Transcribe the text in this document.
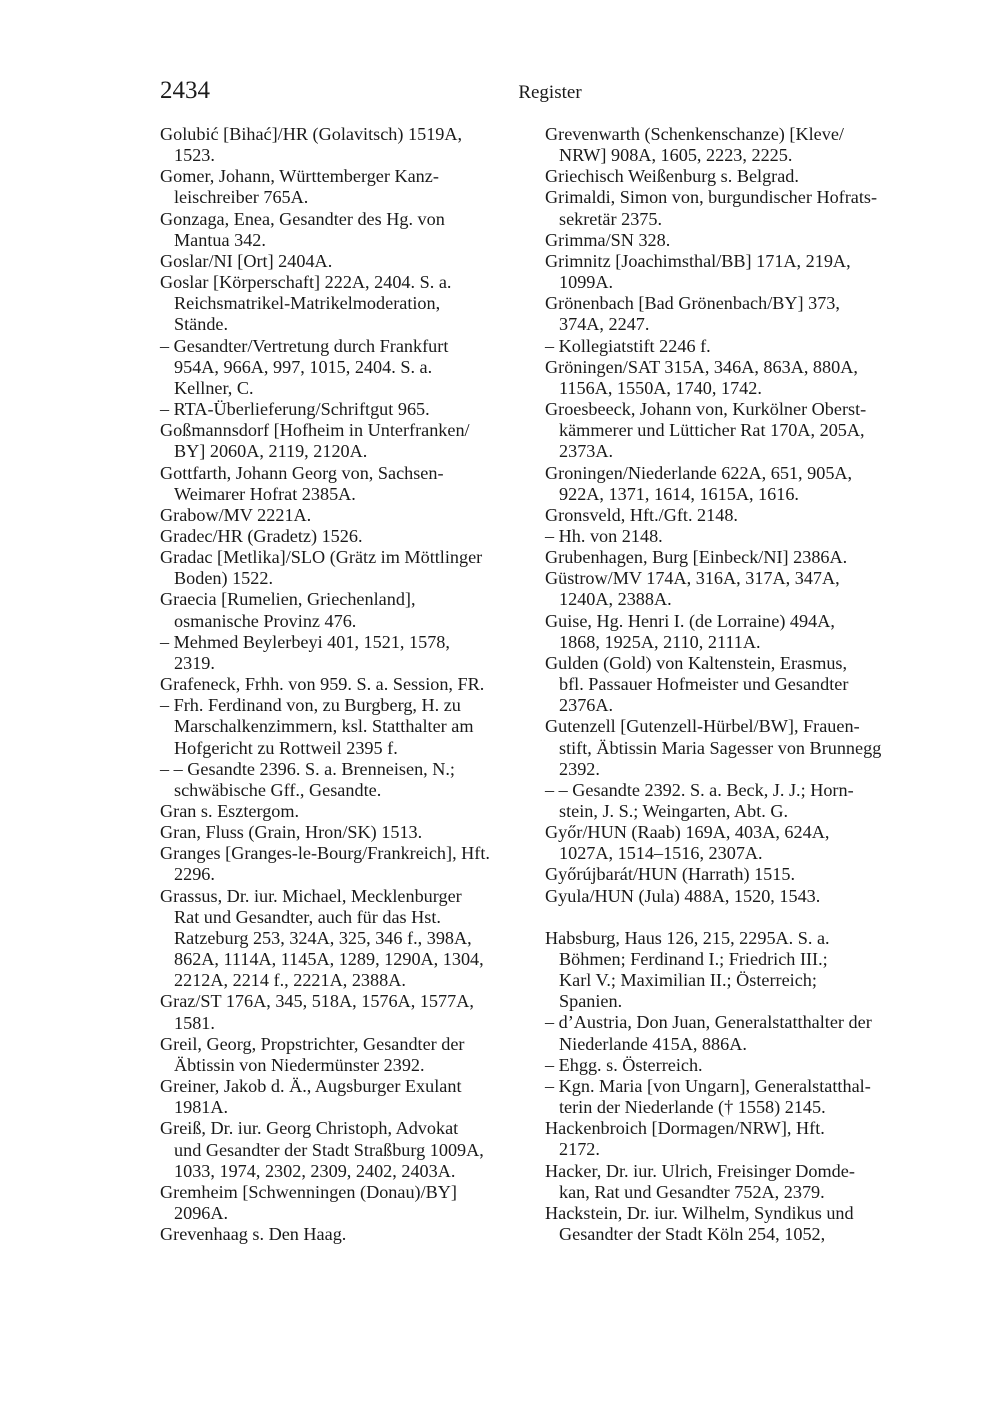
2434	Register
Golubić [Bihać]/HR (Golavitsch) 1519A,
1523.
Gomer, Johann, Württemberger Kanz-
leischreiber 765A.
Gonzaga, Enea, Gesandter des Hg. von
Mantua 342.
Goslar/NI [Ort] 2404A.
Goslar [Körperschaft] 222A, 2404. S. a.
Reichsmatrikel-Matrikelmoderation,
Stände.
– Gesandter/Vertretung durch Frankfurt
954A, 966A, 997, 1015, 2404. S. a.
Kellner, C.
– RTA-Überlieferung/Schriftgut 965.
Goßmannsdorf [Hofheim in Unterfranken/
BY] 2060A, 2119, 2120A.
Gottfarth, Johann Georg von, Sachsen-
Weimarer Hofrat 2385A.
Grabow/MV 2221A.
Gradec/HR (Gradetz) 1526.
Gradac [Metlika]/SLO (Grätz im Möttlinger
Boden) 1522.
Graecia [Rumelien, Griechenland],
osmanische Provinz 476.
– Mehmed Beylerbeyi 401, 1521, 1578,
2319.
Grafeneck, Frhh. von 959. S. a. Session, FR.
– Frh. Ferdinand von, zu Burgberg, H. zu
Marschalkenzimmern, ksl. Statthalter am
Hofgericht zu Rottweil 2395 f.
– – Gesandte 2396. S. a. Brenneisen, N.;
schwäbische Gff., Gesandte.
Gran s. Esztergom.
Gran, Fluss (Grain, Hron/SK) 1513.
Granges [Granges-le-Bourg/Frankreich], Hft.
2296.
Grassus, Dr. iur. Michael, Mecklenburger
Rat und Gesandter, auch für das Hst.
Ratzeburg 253, 324A, 325, 346 f., 398A,
862A, 1114A, 1145A, 1289, 1290A, 1304,
2212A, 2214 f., 2221A, 2388A.
Graz/ST 176A, 345, 518A, 1576A, 1577A,
1581.
Greil, Georg, Propstrichter, Gesandter der
Äbtissin von Niedermünster 2392.
Greiner, Jakob d. Ä., Augsburger Exulant
1981A.
Greiß, Dr. iur. Georg Christoph, Advokat
und Gesandter der Stadt Straßburg 1009A,
1033, 1974, 2302, 2309, 2402, 2403A.
Gremheim [Schwenningen (Donau)/BY]
2096A.
Grevenhaag s. Den Haag.
Grevenwarth (Schenkenschanze) [Kleve/
NRW] 908A, 1605, 2223, 2225.
Griechisch Weißenburg s. Belgrad.
Grimaldi, Simon von, burgundischer Hofrats-
sekretär 2375.
Grimma/SN 328.
Grimnitz [Joachimsthal/BB] 171A, 219A,
1099A.
Grönenbach [Bad Grönenbach/BY] 373,
374A, 2247.
– Kollegiatstift 2246 f.
Gröningen/SAT 315A, 346A, 863A, 880A,
1156A, 1550A, 1740, 1742.
Groesbeeck, Johann von, Kurkölner Oberst-
kämmerer und Lütticher Rat 170A, 205A,
2373A.
Groningen/Niederlande 622A, 651, 905A,
922A, 1371, 1614, 1615A, 1616.
Gronsveld, Hft./Gft. 2148.
– Hh. von 2148.
Grubenhagen, Burg [Einbeck/NI] 2386A.
Güstrow/MV 174A, 316A, 317A, 347A,
1240A, 2388A.
Guise, Hg. Henri I. (de Lorraine) 494A,
1868, 1925A, 2110, 2111A.
Gulden (Gold) von Kaltenstein, Erasmus,
bfl. Passauer Hofmeister und Gesandter
2376A.
Gutenzell [Gutenzell-Hürbel/BW], Frauen-
stift, Äbtissin Maria Sagesser von Brunnegg
2392.
– – Gesandte 2392. S. a. Beck, J. J.; Horn-
stein, J. S.; Weingarten, Abt. G.
Győr/HUN (Raab) 169A, 403A, 624A,
1027A, 1514–1516, 2307A.
Győrújbarát/HUN (Harrath) 1515.
Gyula/HUN (Jula) 488A, 1520, 1543.
Habsburg, Haus 126, 215, 2295A. S. a.
Böhmen; Ferdinand I.; Friedrich III.;
Karl V.; Maximilian II.; Österreich;
Spanien.
– d’Austria, Don Juan, Generalstatthalter der
Niederlande 415A, 886A.
– Ehgg. s. Österreich.
– Kgn. Maria [von Ungarn], Generalstatthal-
terin der Niederlande († 1558) 2145.
Hackenbroich [Dormagen/NRW], Hft.
2172.
Hacker, Dr. iur. Ulrich, Freisinger Domde-
kan, Rat und Gesandter 752A, 2379.
Hackstein, Dr. iur. Wilhelm, Syndikus und
Gesandter der Stadt Köln 254, 1052,
